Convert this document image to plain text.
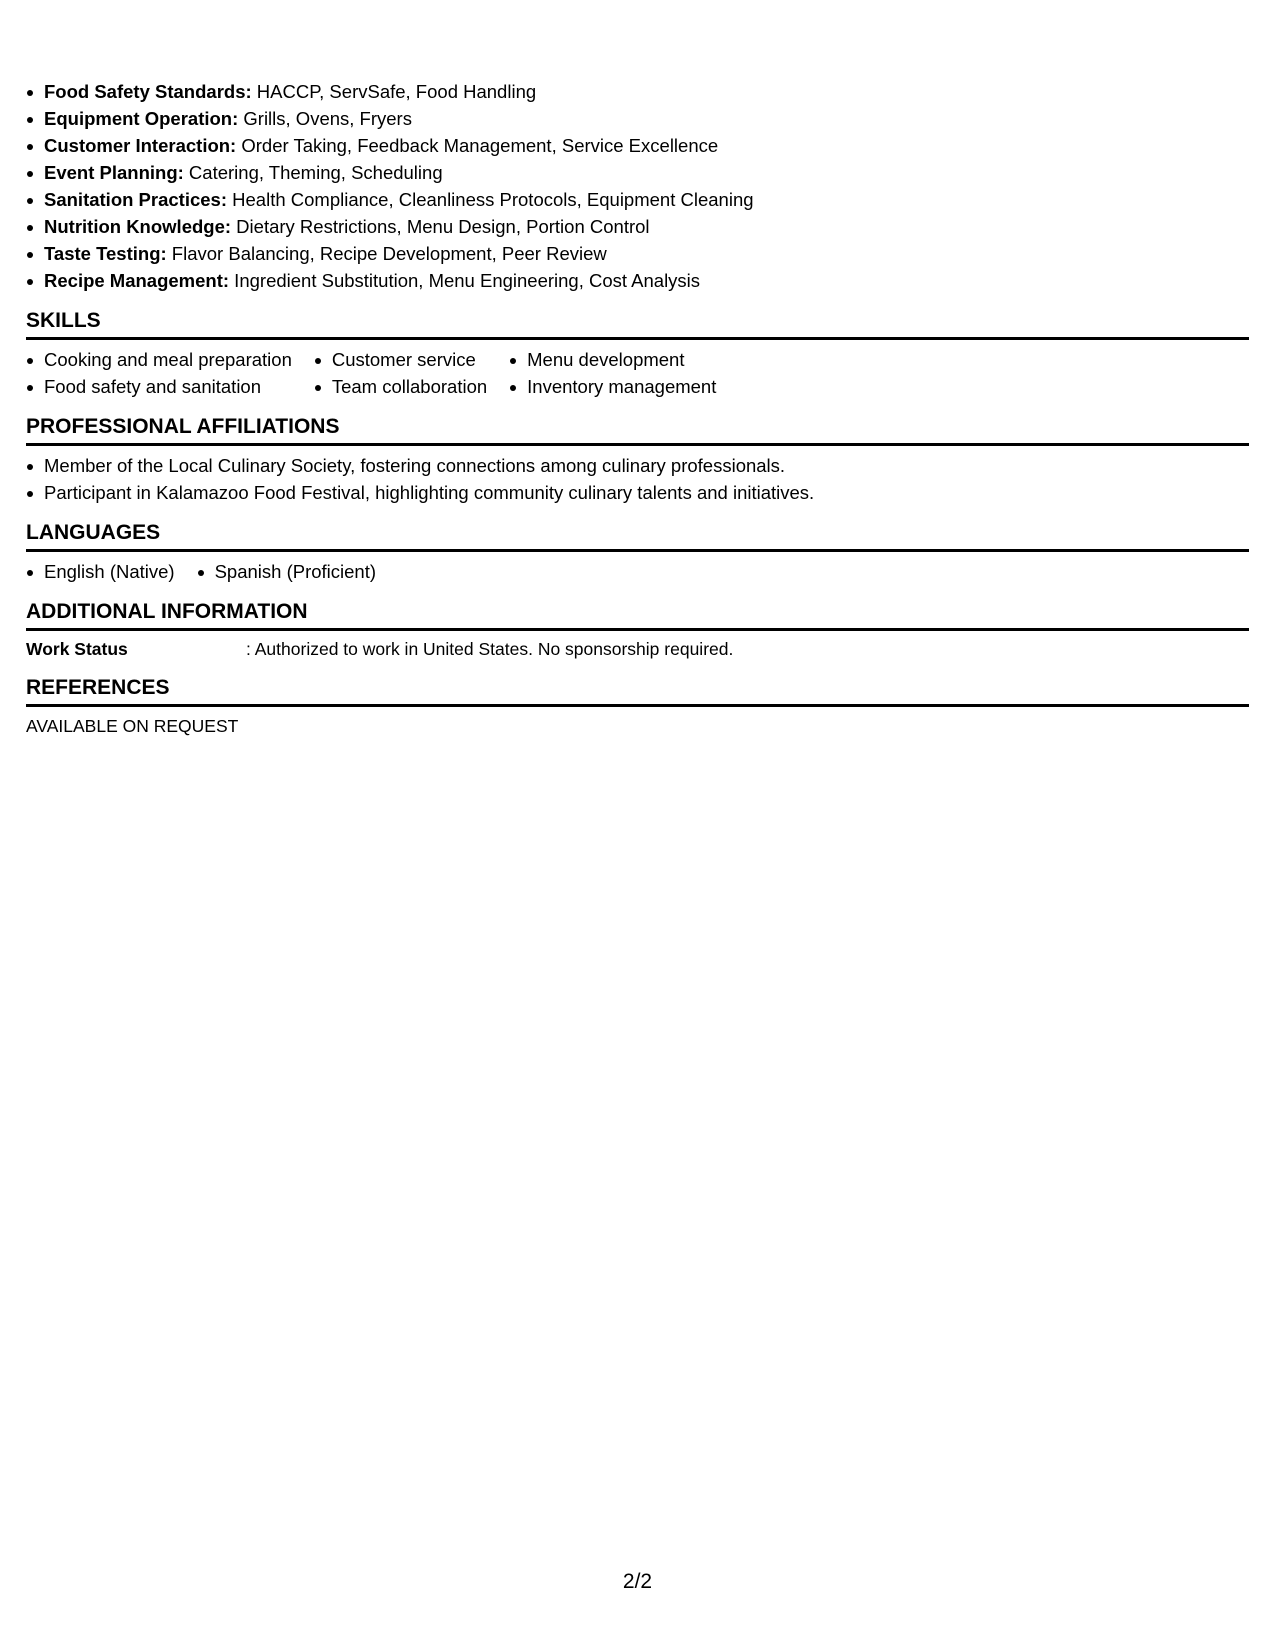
Food Safety Standards: HACCP, ServSafe, Food Handling
Equipment Operation: Grills, Ovens, Fryers
Customer Interaction: Order Taking, Feedback Management, Service Excellence
Event Planning: Catering, Theming, Scheduling
Sanitation Practices: Health Compliance, Cleanliness Protocols, Equipment Cleaning
Nutrition Knowledge: Dietary Restrictions, Menu Design, Portion Control
Taste Testing: Flavor Balancing, Recipe Development, Peer Review
Recipe Management: Ingredient Substitution, Menu Engineering, Cost Analysis
SKILLS
Cooking and meal preparation
Food safety and sanitation
Customer service
Team collaboration
Menu development
Inventory management
PROFESSIONAL AFFILIATIONS
Member of the Local Culinary Society, fostering connections among culinary professionals.
Participant in Kalamazoo Food Festival, highlighting community culinary talents and initiatives.
LANGUAGES
English (Native)	Spanish (Proficient)
ADDITIONAL INFORMATION
Work Status	: Authorized to work in United States. No sponsorship required.
REFERENCES
AVAILABLE ON REQUEST
2/2
